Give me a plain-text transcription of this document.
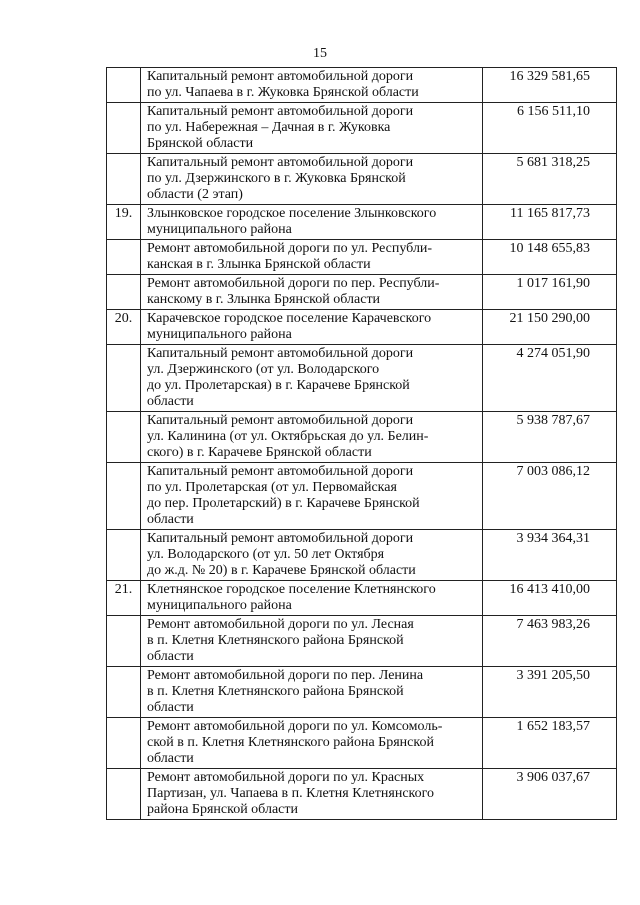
15
	Капитальный ремонт автомобильной дороги
по ул. Чапаева в г. Жуковка Брянской области	16 329 581,65
	Капитальный ремонт автомобильной дороги
по ул. Набережная – Дачная в г. Жуковка
Брянской области	6 156 511,10
	Капитальный ремонт автомобильной дороги
по ул. Дзержинского в г. Жуковка Брянской
области (2 этап)	5 681 318,25
19.	Злынковское городское поселение Злынковского
муниципального района	11 165 817,73
	Ремонт автомобильной дороги по ул. Республи-
канская в г. Злынка Брянской области	10 148 655,83
	Ремонт автомобильной дороги по пер. Республи-
канскому в г. Злынка Брянской области	1 017 161,90
20.	Карачевское городское поселение Карачевского
муниципального района	21 150 290,00
	Капитальный ремонт автомобильной дороги
ул. Дзержинского (от ул. Володарского
до ул. Пролетарская) в г. Карачеве Брянской
области	4 274 051,90
	Капитальный ремонт автомобильной дороги
ул. Калинина (от ул. Октябрьская до ул. Белин-
ского) в г. Карачеве Брянской области	5 938 787,67
	Капитальный ремонт автомобильной дороги
по ул. Пролетарская (от ул. Первомайская
до пер. Пролетарский) в г. Карачеве Брянской
области	7 003 086,12
	Капитальный ремонт автомобильной дороги
ул. Володарского (от ул. 50 лет Октября
до ж.д. № 20) в г. Карачеве Брянской области	3 934 364,31
21.	Клетнянское городское поселение Клетнянского
муниципального района	16 413 410,00
	Ремонт автомобильной дороги по ул. Лесная
в п. Клетня Клетнянского района Брянской
области	7 463 983,26
	Ремонт автомобильной дороги по пер. Ленина
в п. Клетня Клетнянского района Брянской
области	3 391 205,50
	Ремонт автомобильной дороги по ул. Комсомоль-
ской в п. Клетня Клетнянского района Брянской
области	1 652 183,57
	Ремонт автомобильной дороги по ул. Красных
Партизан, ул. Чапаева в п. Клетня Клетнянского
района Брянской области	3 906 037,67
